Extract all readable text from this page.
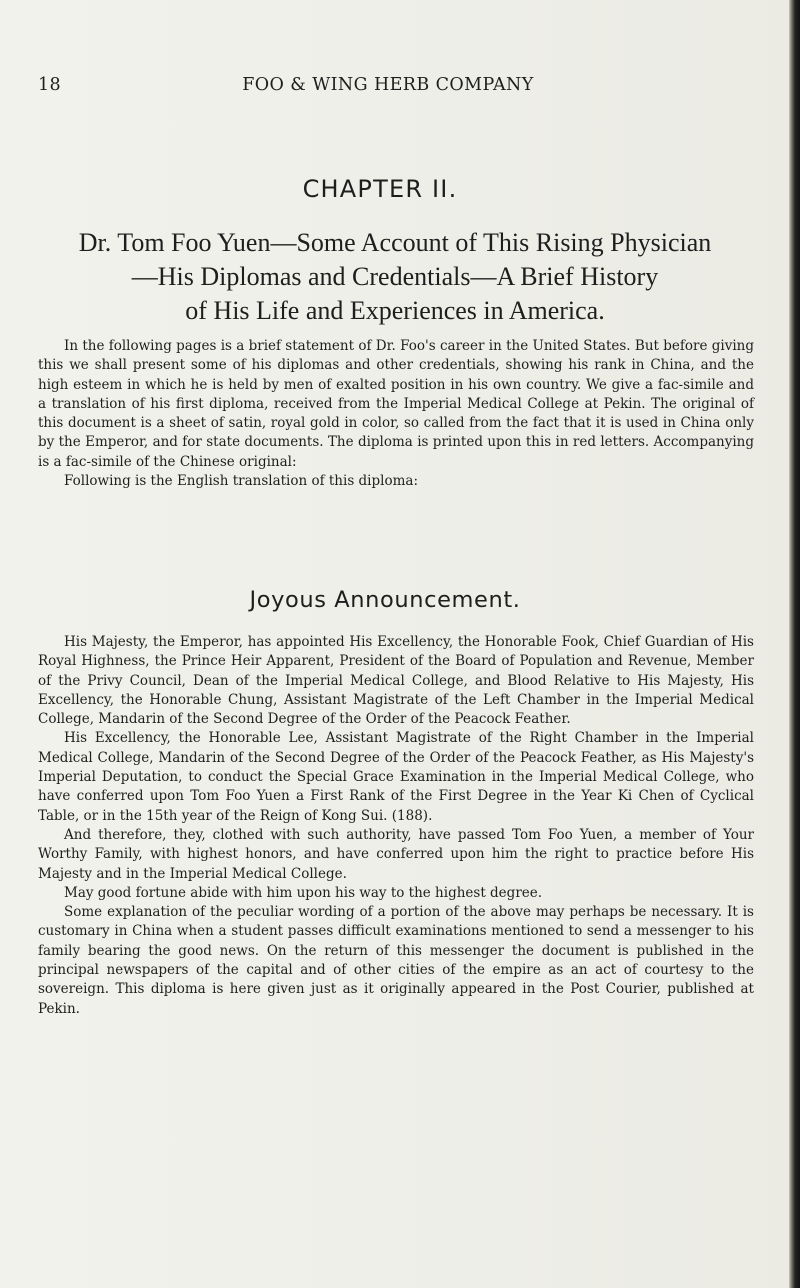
18	FOO & WING HERB COMPANY
CHAPTER II.
Dr. Tom Foo Yuen—Some Account of This Rising Physician
—His Diplomas and Credentials—A Brief History
of His Life and Experiences in America.

In the following pages is a brief statement of Dr. Foo's career in the United States. But before giving this we shall present some of his diplomas and other credentials, showing his rank in China, and the high esteem in which he is held by men of exalted position in his own country. We give a fac-simile and a translation of his first diploma, received from the Imperial Medical College at Pekin. The original of this document is a sheet of satin, royal gold in color, so called from the fact that it is used in China only by the Emperor, and for state documents. The diploma is printed upon this in red letters. Accompanying is a fac-simile of the Chinese original:

Following is the English translation of this diploma:

Joyous Announcement.

His Majesty, the Emperor, has appointed His Excellency, the Honorable Fook, Chief Guardian of His Royal Highness, the Prince Heir Apparent, President of the Board of Population and Revenue, Member of the Privy Council, Dean of the Imperial Medical College, and Blood Relative to His Majesty, His Excellency, the Honorable Chung, Assistant Magistrate of the Left Chamber in the Imperial Medical College, Mandarin of the Second Degree of the Order of the Peacock Feather.

His Excellency, the Honorable Lee, Assistant Magistrate of the Right Chamber in the Imperial Medical College, Mandarin of the Second Degree of the Order of the Peacock Feather, as His Majesty's Imperial Deputation, to conduct the Special Grace Examination in the Imperial Medical College, who have conferred upon Tom Foo Yuen a First Rank of the First Degree in the Year Ki Chen of Cyclical Table, or in the 15th year of the Reign of Kong Sui. (188).

And therefore, they, clothed with such authority, have passed Tom Foo Yuen, a member of Your Worthy Family, with highest honors, and have conferred upon him the right to practice before His Majesty and in the Imperial Medical College.

May good fortune abide with him upon his way to the highest degree.

Some explanation of the peculiar wording of a portion of the above may perhaps be necessary. It is customary in China when a student passes difficult examinations mentioned to send a messenger to his family bearing the good news. On the return of this messenger the document is published in the principal newspapers of the capital and of other cities of the empire as an act of courtesy to the sovereign. This diploma is here given just as it originally appeared in the Post Courier, published at Pekin.
